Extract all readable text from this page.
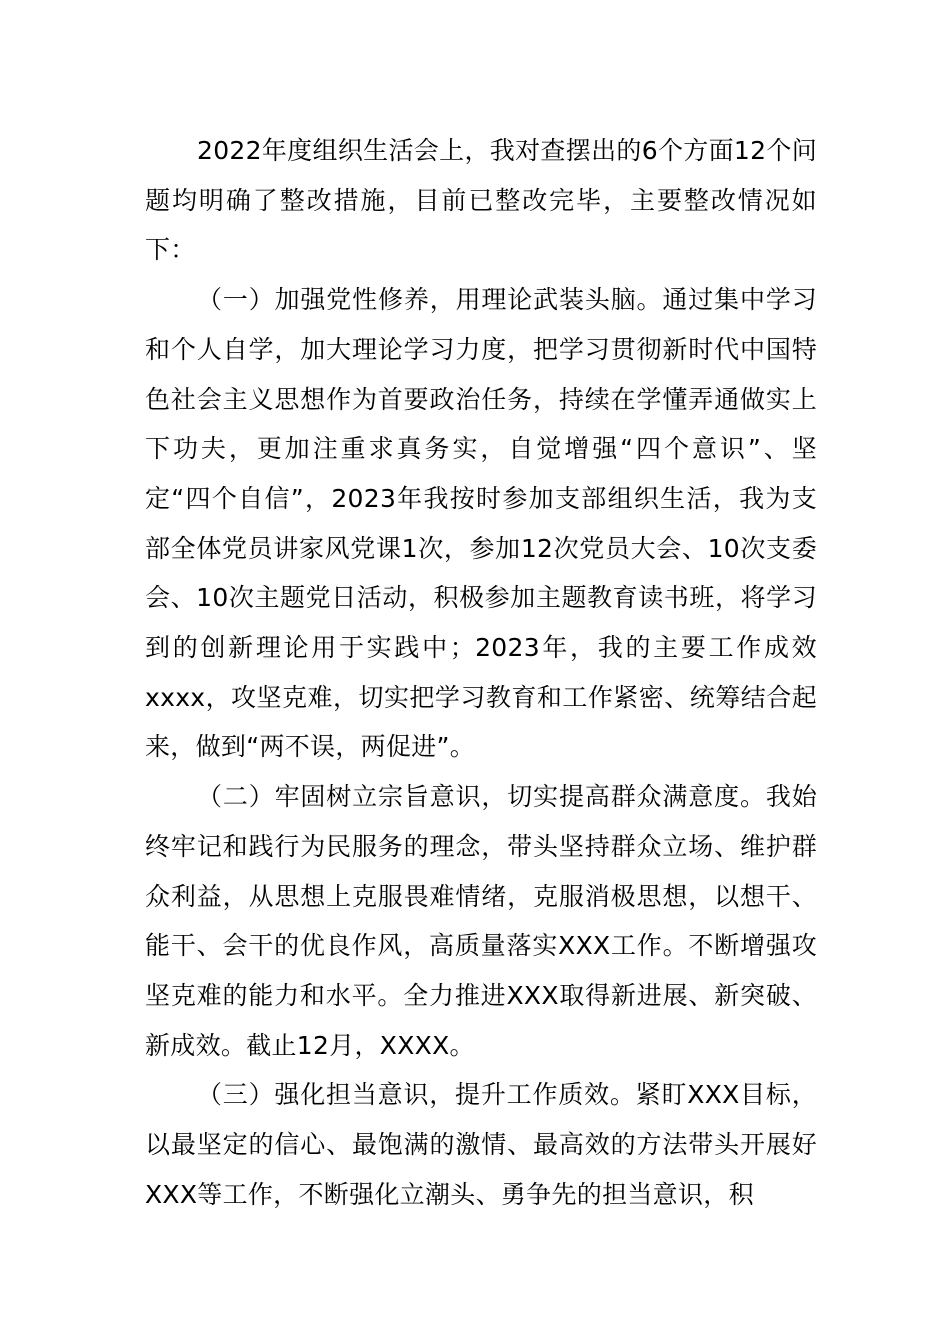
2022年度组织生活会上，我对查摆出的6个方面12个问题均明确了整改措施，目前已整改完毕，主要整改情况如下：

（一）加强党性修养，用理论武装头脑。通过集中学习和个人自学，加大理论学习力度，把学习贯彻新时代中国特色社会主义思想作为首要政治任务，持续在学懂弄通做实上下功夫，更加注重求真务实，自觉增强“四个意识”、坚定“四个自信”，2023年我按时参加支部组织生活，我为支部全体党员讲家风党课1次，参加12次党员大会、10次支委会、10次主题党日活动，积极参加主题教育读书班，将学习到的创新理论用于实践中；2023年，我的主要工作成效xxxx，攻坚克难，切实把学习教育和工作紧密、统筹结合起来，做到“两不误，两促进”。

（二）牢固树立宗旨意识，切实提高群众满意度。我始终牢记和践行为民服务的理念，带头坚持群众立场、维护群众利益，从思想上克服畏难情绪，克服消极思想，以想干、能干、会干的优良作风，高质量落实XXX工作。不断增强攻坚克难的能力和水平。全力推进XXX取得新进展、新突破、新成效。截止12月，XXXX。

（三）强化担当意识，提升工作质效。紧盯XXX目标，以最坚定的信心、最饱满的激情、最高效的方法带头开展好XXX等工作，不断强化立潮头、勇争先的担当意识，积
